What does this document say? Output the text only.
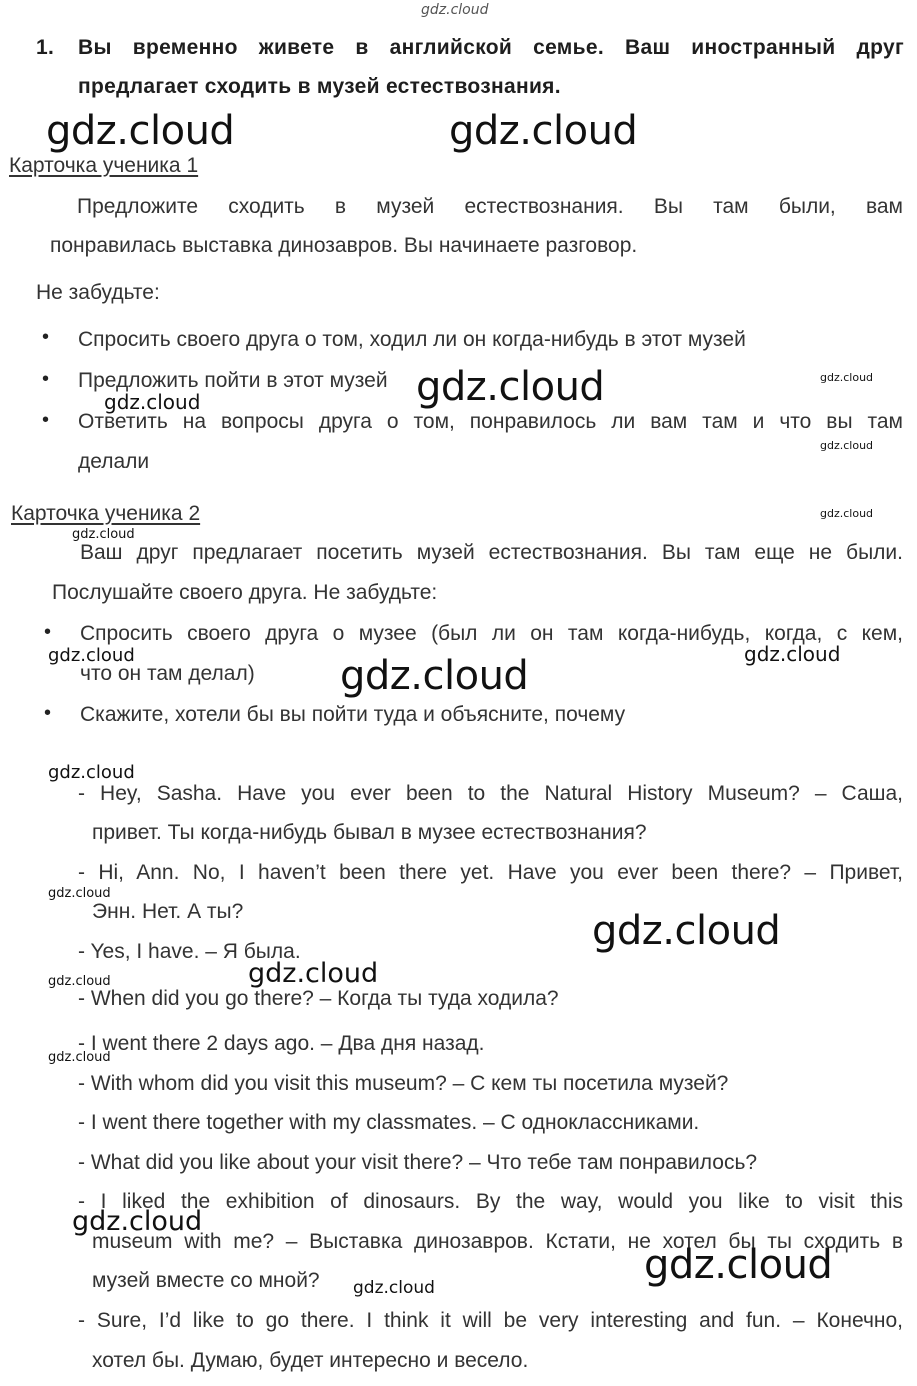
gdz.cloud
1. Вы временно живете в английской семье. Ваш иностранный друг
предлагает сходить в музей естествознания.
gdz.cloud	gdz.cloud
Карточка ученика 1
Предложите сходить в музей естествознания. Вы там были, вам
понравилась выставка динозавров. Вы начинаете разговор.
Не забудьте:
• Спросить своего друга о том, ходил ли он когда-нибудь в этот музей
• Предложить пойти в этот музей gdz.cloud	gdz.cloud
gdz.cloud
• Ответить на вопросы друга о том, понравилось ли вам там и что вы там
gdz.cloud
делали
Карточка ученика 2	gdz.cloud
gdz.cloud
Ваш друг предлагает посетить музей естествознания. Вы там еще не были.
Послушайте своего друга. Не забудьте:
• Спросить своего друга о музее (был ли он там когда-нибудь, когда, с кем,
gdz.cloud	gdz.cloud
что он там делал) gdz.cloud
• Скажите, хотели бы вы пойти туда и объясните, почему
gdz.cloud
- Hey, Sasha. Have you ever been to the Natural History Museum? – Саша,
привет. Ты когда-нибудь бывал в музее естествознания?
- Hi, Ann. No, I haven’t been there yet. Have you ever been there? – Привет,
gdz.cloud
Энн. Нет. А ты?	gdz.cloud
- Yes, I have. – Я была.
gdz.cloud
gdz.cloud
- When did you go there? – Когда ты туда ходила?
- I went there 2 days ago. – Два дня назад.
gdz.cloud
- With whom did you visit this museum? – С кем ты посетила музей?
- I went there together with my classmates. – С одноклассниками.
- What did you like about your visit there? – Что тебе там понравилось?
- I liked the exhibition of dinosaurs. By the way, would you like to visit this
gdz.cloud
museum with me? – Выставка динозавров. Кстати, не хотел бы ты сходить в
gdz.cloud
музей вместе со мной? gdz.cloud
- Sure, I’d like to go there. I think it will be very interesting and fun. – Конечно,
хотел бы. Думаю, будет интересно и весело.
